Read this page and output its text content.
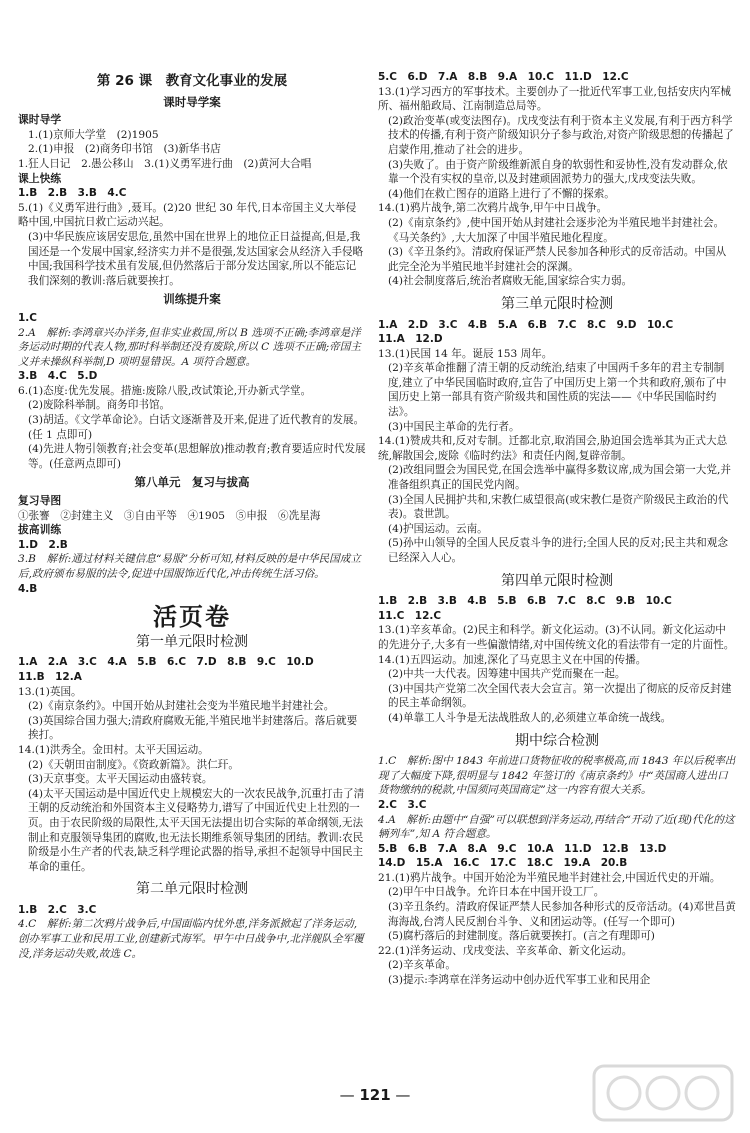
第 26 课　教育文化事业的发展
课时导学案
课时导学
1.(1)京师大学堂　(2)1905
2.(1)申报　(2)商务印书馆　(3)新华书店
1.狂人日记　2.愚公移山　3.(1)义勇军进行曲　(2)黄河大合唱
课上快练
1.B　2.B　3.B　4.C
5.(1)《义勇军进行曲》,聂耳。(2)20 世纪 30 年代,日本帝国主义大举侵略中国,中国抗日救亡运动兴起。
(3)中华民族应该居安思危,虽然中国在世界上的地位正日益提高,但是,我国还是一个发展中国家,经济实力并不是很强,发达国家会从经济入手侵略中国;我国科学技术虽有发展,但仍然落后于部分发达国家,所以不能忘记我们深刻的教训:落后就要挨打。
训练提升案
1.C
2.A　解析:李鸿章兴办洋务,但非实业救国,所以 B 选项不正确;李鸿章是洋务运动时期的代表人物,那时科举制还没有废除,所以 C 选项不正确;帝国主义并未操纵科举制,D 项明显错误。A 项符合题意。
3.B　4.C　5.D
6.(1)态度:优先发展。措施:废除八股,改试策论,开办新式学堂。
(2)废除科举制。商务印书馆。
(3)胡适。《文学革命论》。白话文逐渐普及开来,促进了近代教育的发展。(任 1 点即可)
(4)先进人物引领教育;社会变革(思想解放)推动教育;教育要适应时代发展等。(任意两点即可)
第八单元　复习与拔高
复习导图
①张謇　②封建主义　③自由平等　④1905　⑤申报　⑥冼星海
拔高训练
1.D　2.B
3.B　解析:通过材料关键信息“易服”分析可知,材料反映的是中华民国成立后,政府颁布易服的法令,促进中国服饰近代化,冲击传统生活习俗。
4.B
活页卷
第一单元限时检测
1.A　2.A　3.C　4.A　5.B　6.C　7.D　8.B　9.C　10.D
11.B　12.A
13.(1)英国。
(2)《南京条约》。中国开始从封建社会变为半殖民地半封建社会。
(3)英国综合国力强大;清政府腐败无能,半殖民地半封建落后。落后就要挨打。
14.(1)洪秀全。金田村。太平天国运动。
(2)《天朝田亩制度》。《资政新篇》。洪仁玕。
(3)天京事变。太平天国运动由盛转衰。
(4)太平天国运动是中国近代史上规模宏大的一次农民战争,沉重打击了清王朝的反动统治和外国资本主义侵略势力,谱写了中国近代史上壮烈的一页。由于农民阶级的局限性,太平天国无法提出切合实际的革命纲领,无法制止和克服领导集团的腐败,也无法长期维系领导集团的团结。教训:农民阶级是小生产者的代表,缺乏科学理论武器的指导,承担不起领导中国民主革命的重任。
第二单元限时检测
1.B　2.C　3.C
4.C　解析:第二次鸦片战争后,中国面临内忧外患,洋务派掀起了洋务运动,创办军事工业和民用工业,创建新式海军。甲午中日战争中,北洋舰队全军覆没,洋务运动失败,故选 C。
5.C　6.D　7.A　8.B　9.A　10.C　11.D　12.C
13.(1)学习西方的军事技术。主要创办了一批近代军事工业,包括安庆内军械所、福州船政局、江南制造总局等。
(2)政治变革(或变法图存)。戊戌变法有利于资本主义发展,有利于西方科学技术的传播,有利于资产阶级知识分子参与政治,对资产阶级思想的传播起了启蒙作用,推动了社会的进步。
(3)失败了。由于资产阶级维新派自身的软弱性和妥协性,没有发动群众,依靠一个没有实权的皇帝,以及封建顽固派势力的强大,戊戌变法失败。
(4)他们在救亡图存的道路上进行了不懈的探索。
14.(1)鸦片战争,第二次鸦片战争,甲午中日战争。
(2)《南京条约》,使中国开始从封建社会逐步沦为半殖民地半封建社会。《马关条约》,大大加深了中国半殖民地化程度。
(3)《辛丑条约》。清政府保证严禁人民参加各种形式的反帝活动。中国从此完全沦为半殖民地半封建社会的深渊。
(4)社会制度落后,统治者腐败无能,国家综合实力弱。
第三单元限时检测
1.A　2.D　3.C　4.B　5.A　6.B　7.C　8.C　9.D　10.C
11.A　12.D
13.(1)民国 14 年。诞辰 153 周年。
(2)辛亥革命推翻了清王朝的反动统治,结束了中国两千多年的君主专制制度,建立了中华民国临时政府,宣告了中国历史上第一个共和政府,颁布了中国历史上第一部具有资产阶级共和国性质的宪法——《中华民国临时约法》。
(3)中国民主革命的先行者。
14.(1)赞成共和,反对专制。迁都北京,取消国会,胁迫国会选举其为正式大总统,解散国会,废除《临时约法》和责任内阁,复辟帝制。
(2)改组同盟会为国民党,在国会选举中赢得多数议席,成为国会第一大党,并准备组织真正的国民党内阁。
(3)全国人民拥护共和,宋教仁威望很高(或宋教仁是资产阶级民主政治的代表)。袁世凯。
(4)护国运动。云南。
(5)孙中山领导的全国人民反袁斗争的进行;全国人民的反对;民主共和观念已经深入人心。
第四单元限时检测
1.B　2.B　3.B　4.B　5.B　6.B　7.C　8.C　9.B　10.C
11.C　12.C
13.(1)辛亥革命。(2)民主和科学。新文化运动。(3)不认同。新文化运动中的先进分子,大多有一些偏激情绪,对中国传统文化的看法带有一定的片面性。
14.(1)五四运动。加速,深化了马克思主义在中国的传播。
(2)中共一大代表。因筹建中国共产党而聚在一起。
(3)中国共产党第二次全国代表大会宣言。第一次提出了彻底的反帝反封建的民主革命纲领。
(4)单靠工人斗争是无法战胜敌人的,必须建立革命统一战线。
期中综合检测
1.C　解析:图中 1843 年前进口货物征收的税率极高,而 1843 年以后税率出现了大幅度下降,很明显与 1842 年签订的《南京条约》中“英国商人进出口货物缴纳的税款,中国须同英国商定”这一内容有很大关系。
2.C　3.C
4.A　解析:由题中“自强”可以联想到洋务运动,再结合“开动了近(现)代化的这辆列车”,知 A 符合题意。
5.B　6.B　7.A　8.A　9.C　10.A　11.D　12.B　13.D
14.D　15.A　16.C　17.C　18.C　19.A　20.B
21.(1)鸦片战争。中国开始沦为半殖民地半封建社会,中国近代史的开端。
(2)甲午中日战争。允许日本在中国开设工厂。
(3)辛丑条约。清政府保证严禁人民参加各种形式的反帝活动。(4)邓世昌黄海海战,台湾人民反割台斗争、义和团运动等。(任写一个即可)
(5)腐朽落后的封建制度。落后就要挨打。(言之有理即可)
22.(1)洋务运动、戊戌变法、辛亥革命、新文化运动。
(2)辛亥革命。
(3)提示:李鸿章在洋务运动中创办近代军事工业和民用企
— 121 —
